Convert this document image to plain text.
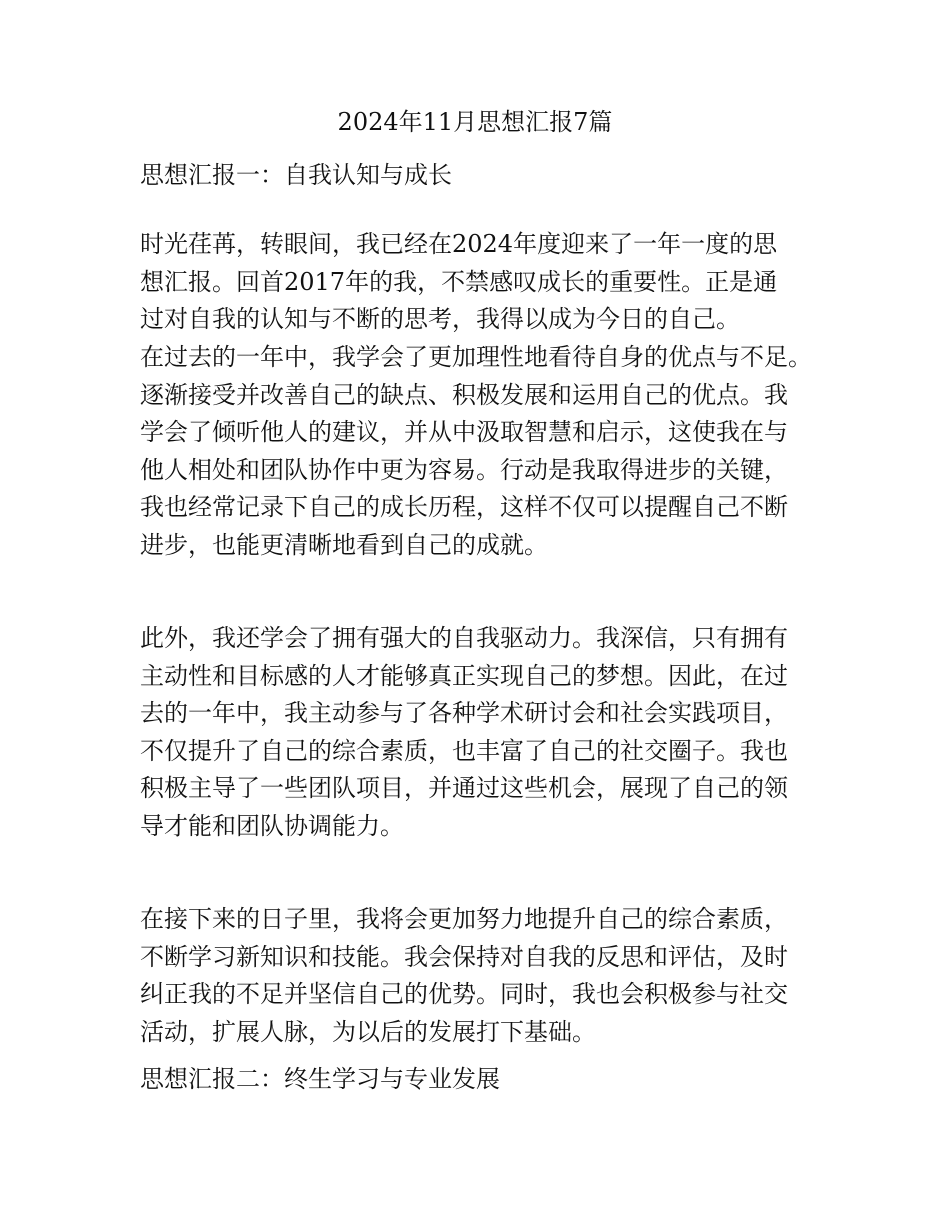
2024年11月思想汇报7篇
思想汇报一：自我认知与成长

时光荏苒，转眼间，我已经在2024年度迎来了一年一度的思
想汇报。回首2017年的我，不禁感叹成长的重要性。正是通
过对自我的认知与不断的思考，我得以成为今日的自己。

在过去的一年中，我学会了更加理性地看待自身的优点与不足。
逐渐接受并改善自己的缺点、积极发展和运用自己的优点。我
学会了倾听他人的建议，并从中汲取智慧和启示，这使我在与
他人相处和团队协作中更为容易。行动是我取得进步的关键，
我也经常记录下自己的成长历程，这样不仅可以提醒自己不断
进步，也能更清晰地看到自己的成就。

此外，我还学会了拥有强大的自我驱动力。我深信，只有拥有
主动性和目标感的人才能够真正实现自己的梦想。因此，在过
去的一年中，我主动参与了各种学术研讨会和社会实践项目，
不仅提升了自己的综合素质，也丰富了自己的社交圈子。我也
积极主导了一些团队项目，并通过这些机会，展现了自己的领
导才能和团队协调能力。

在接下来的日子里，我将会更加努力地提升自己的综合素质，
不断学习新知识和技能。我会保持对自我的反思和评估，及时
纠正我的不足并坚信自己的优势。同时，我也会积极参与社交
活动，扩展人脉，为以后的发展打下基础。

思想汇报二：终生学习与专业发展
